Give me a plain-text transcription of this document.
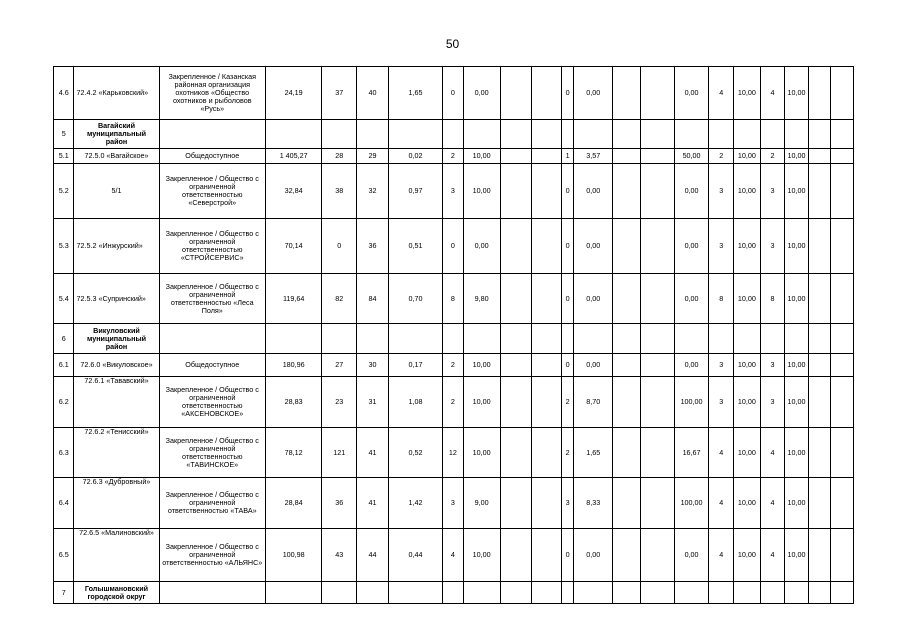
50
4.6	72.4.2 «Карьковский»	Закрепленное / Казанская районная организация охотников «Общество охотников и рыболовов «Русь»	24,19	37	40	1,65	0	0,00			0	0,00			0,00	4	10,00	4	10,00		
5	Вагайский муниципальный район																				
5.1	72.5.0 «Вагайское»	Общедоступное	1 405,27	28	29	0,02	2	10,00			1	3,57			50,00	2	10,00	2	10,00		
5.2	5/1	Закрепленное / Общество с ограниченной ответственностью «Северстрой»	32,84	38	32	0,97	3	10,00			0	0,00			0,00	3	10,00	3	10,00		
5.3	72.5.2 «Инжурский»	Закрепленное / Общество с ограниченной ответственностью «СТРОЙСЕРВИС»	70,14	0	36	0,51	0	0,00			0	0,00			0,00	3	10,00	3	10,00		
5.4	72.5.3 «Супринский»	Закрепленное / Общество с ограниченной ответственностью «Леса Поля»	119,64	82	84	0,70	8	9,80			0	0,00			0,00	8	10,00	8	10,00		
6	Викуловский муниципальный район																				
6.1	72.6.0 «Викуловское»	Общедоступное	180,96	27	30	0,17	2	10,00			0	0,00			0,00	3	10,00	3	10,00		
6.2	72.6.1 «Тававский»	Закрепленное / Общество с ограниченной ответственностью «АКСЕНОВСКОЕ»	28,83	23	31	1,08	2	10,00			2	8,70			100,00	3	10,00	3	10,00		
6.3	72.6.2 «Тенисский»	Закрепленное / Общество с ограниченной ответственностью «ТАВИНСКОЕ»	78,12	121	41	0,52	12	10,00			2	1,65			16,67	4	10,00	4	10,00		
6.4	72.6.3 «Дубровный»	Закрепленное / Общество с ограниченной ответственностью «ТАВА»	28,84	36	41	1,42	3	9,00			3	8,33			100,00	4	10,00	4	10,00		
6.5	72.6.5 «Малиновский»	Закрепленное / Общество с ограниченной ответственностью «АЛЬЯНС»	100,98	43	44	0,44	4	10,00			0	0,00			0,00	4	10,00	4	10,00		
7	Голышмановский городской округ																				
